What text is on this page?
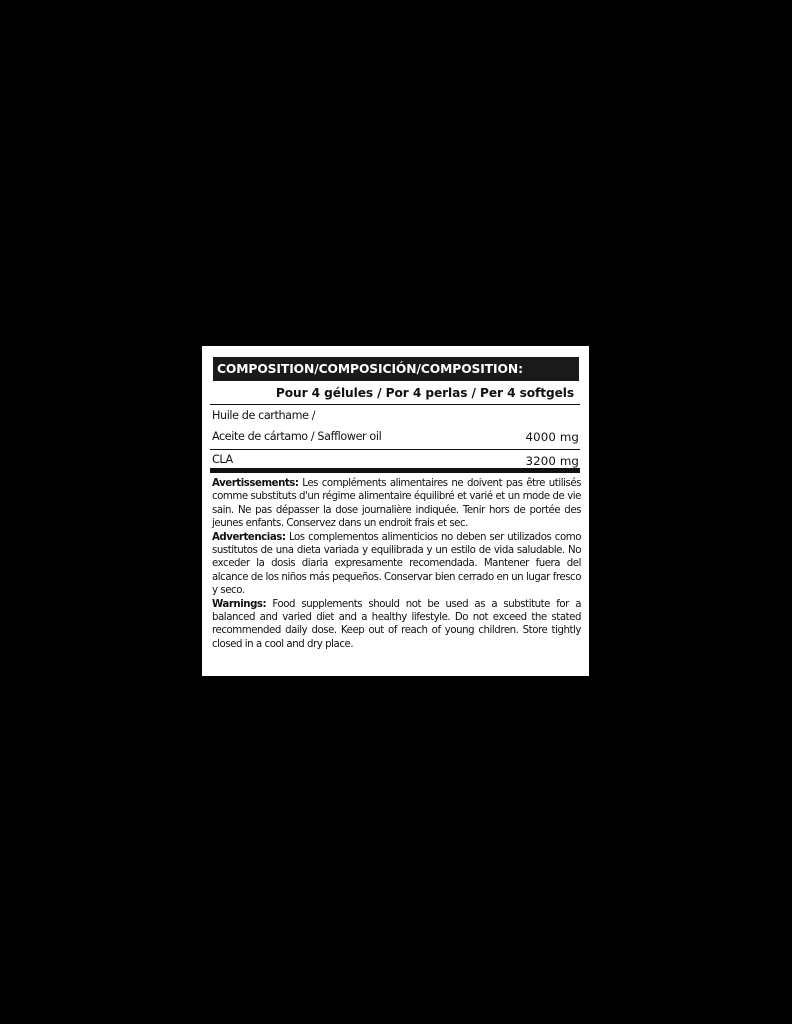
COMPOSITION/COMPOSICIÓN/COMPOSITION:
Pour 4 gélules / Por 4 perlas / Per 4 softgels
Huile de carthame /
Aceite de cártamo / Safflower oil	4000 mg
CLA	3200 mg

Avertissements: Les compléments alimentaires ne doivent pas être utilisés comme substituts d'un régime alimentaire équilibré et varié et un mode de vie sain. Ne pas dépasser la dose journalière indiquée. Tenir hors de portée des jeunes enfants. Conservez dans un endroit frais et sec.

Advertencias: Los complementos alimenticios no deben ser utilizados como sustitutos de una dieta variada y equilibrada y un estilo de vida saludable. No exceder la dosis diaria expresamente recomendada. Mantener fuera del alcance de los niños más pequeños. Conservar bien cerrado en un lugar fresco y seco.

Warnings: Food supplements should not be used as a substitute for a balanced and varied diet and a healthy lifestyle. Do not exceed the stated recommended daily dose. Keep out of reach of young children. Store tightly closed in a cool and dry place.
